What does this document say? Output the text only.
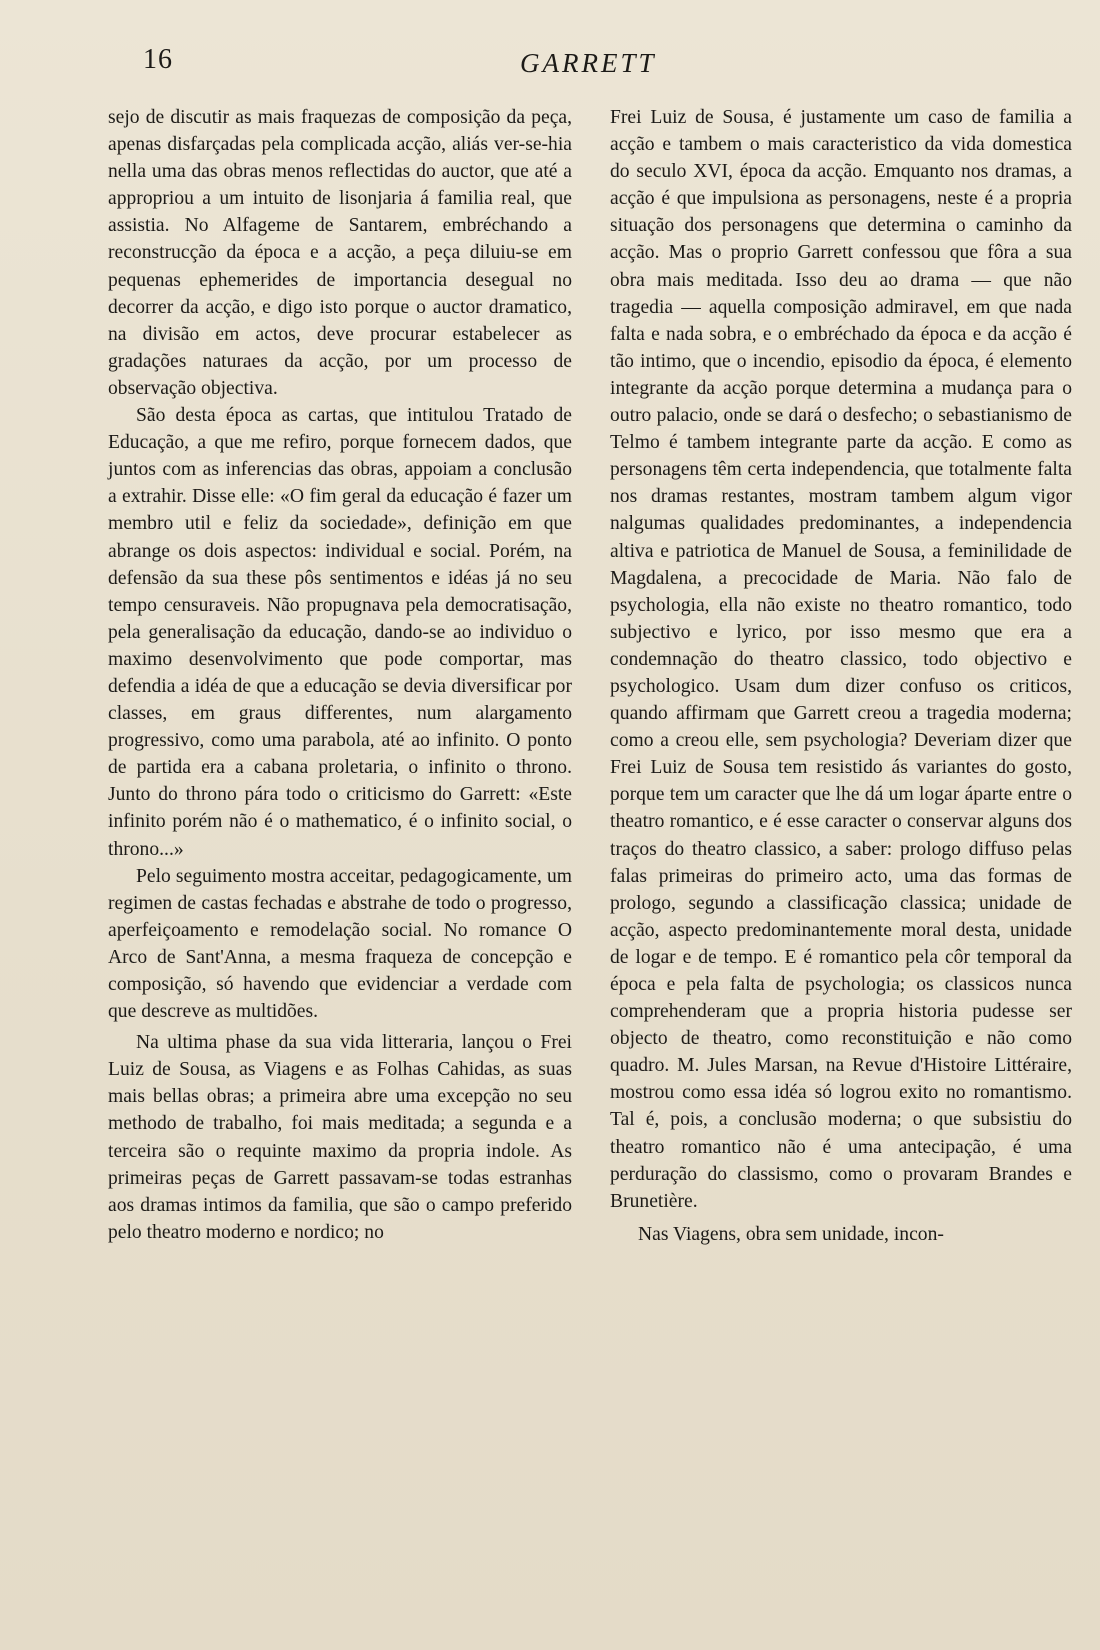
16	GARRETT

sejo de discutir as mais fraquezas de composição da peça, apenas disfarçadas pela complicada acção, aliás ver-se-hia nella uma das obras menos reflectidas do auctor, que até a appropriou a um intuito de lisonjaria á familia real, que assistia. No Alfageme de Santarem, embréchando a reconstrucção da época e a acção, a peça diluiu-se em pequenas ephemerides de importancia desegual no decorrer da acção, e digo isto porque o auctor dramatico, na divisão em actos, deve procurar estabelecer as gradações naturaes da acção, por um processo de observação objectiva.

São desta época as cartas, que intitulou Tratado de Educação, a que me refiro, porque fornecem dados, que juntos com as inferencias das obras, appoiam a conclusão a extrahir. Disse elle: «O fim geral da educação é fazer um membro util e feliz da sociedade», definição em que abrange os dois aspectos: individual e social. Porém, na defensão da sua these pôs sentimentos e idéas já no seu tempo censuraveis. Não propugnava pela democratisação, pela generalisação da educação, dando-se ao individuo o maximo desenvolvimento que pode comportar, mas defendia a idéa de que a educação se devia diversificar por classes, em graus differentes, num alargamento progressivo, como uma parabola, até ao infinito. O ponto de partida era a cabana proletaria, o infinito o throno. Junto do throno pára todo o criticismo do Garrett: «Este infinito porém não é o mathematico, é o infinito social, o throno...»

Pelo seguimento mostra acceitar, pedagogicamente, um regimen de castas fechadas e abstrahe de todo o progresso, aperfeiçoamento e remodelação social. No romance O Arco de Sant'Anna, a mesma fraqueza de concepção e composição, só havendo que evidenciar a verdade com que descreve as multidões.

Na ultima phase da sua vida litteraria, lançou o Frei Luiz de Sousa, as Viagens e as Folhas Cahidas, as suas mais bellas obras; a primeira abre uma excepção no seu methodo de trabalho, foi mais meditada; a segunda e a terceira são o requinte maximo da propria indole. As primeiras peças de Garrett passavam-se todas estranhas aos dramas intimos da familia, que são o campo preferido pelo theatro moderno e nordico; no

Frei Luiz de Sousa, é justamente um caso de familia a acção e tambem o mais caracteristico da vida domestica do seculo XVI, época da acção. Emquanto nos dramas, a acção é que impulsiona as personagens, neste é a propria situação dos personagens que determina o caminho da acção. Mas o proprio Garrett confessou que fôra a sua obra mais meditada. Isso deu ao drama — que não tragedia — aquella composição admiravel, em que nada falta e nada sobra, e o embréchado da época e da acção é tão intimo, que o incendio, episodio da época, é elemento integrante da acção porque determina a mudança para o outro palacio, onde se dará o desfecho; o sebastianismo de Telmo é tambem integrante parte da acção. E como as personagens têm certa independencia, que totalmente falta nos dramas restantes, mostram tambem algum vigor nalgumas qualidades predominantes, a independencia altiva e patriotica de Manuel de Sousa, a feminilidade de Magdalena, a precocidade de Maria. Não falo de psychologia, ella não existe no theatro romantico, todo subjectivo e lyrico, por isso mesmo que era a condemnação do theatro classico, todo objectivo e psychologico. Usam dum dizer confuso os criticos, quando affirmam que Garrett creou a tragedia moderna; como a creou elle, sem psychologia? Deveriam dizer que Frei Luiz de Sousa tem resistido ás variantes do gosto, porque tem um caracter que lhe dá um logar áparte entre o theatro romantico, e é esse caracter o conservar alguns dos traços do theatro classico, a saber: prologo diffuso pelas falas primeiras do primeiro acto, uma das formas de prologo, segundo a classificação classica; unidade de acção, aspecto predominantemente moral desta, unidade de logar e de tempo. E é romantico pela côr temporal da época e pela falta de psychologia; os classicos nunca comprehenderam que a propria historia pudesse ser objecto de theatro, como reconstituição e não como quadro. M. Jules Marsan, na Revue d'Histoire Littéraire, mostrou como essa idéa só logrou exito no romantismo. Tal é, pois, a conclusão moderna; o que subsistiu do theatro romantico não é uma antecipação, é uma perduração do classismo, como o provaram Brandes e Brunetière.

Nas Viagens, obra sem unidade, incon-
